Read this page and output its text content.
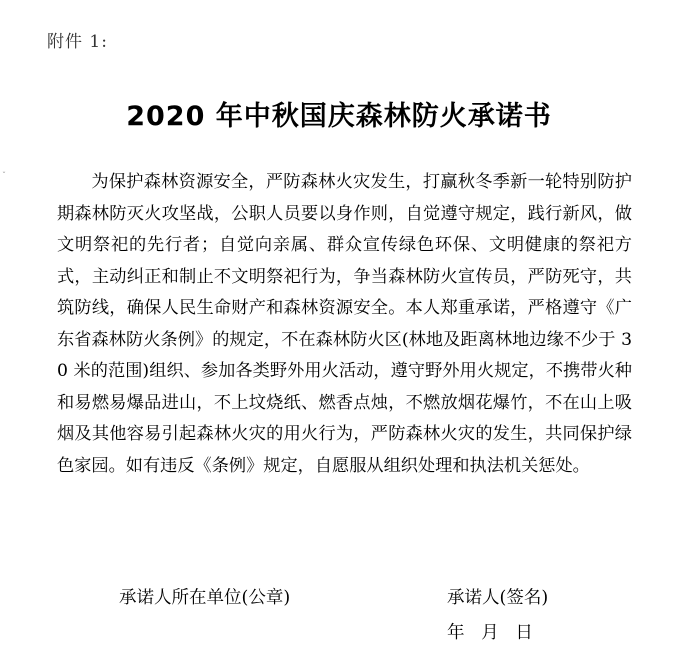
附件 1:
2020 年中秋国庆森林防火承诺书
ˇ	为保护森林资源安全，严防森林火灾发生，打赢秋冬季新一轮特别防护期森林防灭火攻坚战，公职人员要以身作则，自觉遵守规定，践行新风，做文明祭祀的先行者；自觉向亲属、群众宣传绿色环保、文明健康的祭祀方式，主动纠正和制止不文明祭祀行为，争当森林防火宣传员，严防死守，共筑防线，确保人民生命财产和森林资源安全。本人郑重承诺，严格遵守《广东省森林防火条例》的规定，不在森林防火区(林地及距离林地边缘不少于 30 米的范围)组织、参加各类野外用火活动，遵守野外用火规定，不携带火种和易燃易爆品进山，不上坟烧纸、燃香点烛，不燃放烟花爆竹，不在山上吸烟及其他容易引起森林火灾的用火行为，严防森林火灾的发生，共同保护绿色家园。如有违反《条例》规定，自愿服从组织处理和执法机关惩处。

承诺人所在单位(公章)	承诺人(签名)
年   月   日
